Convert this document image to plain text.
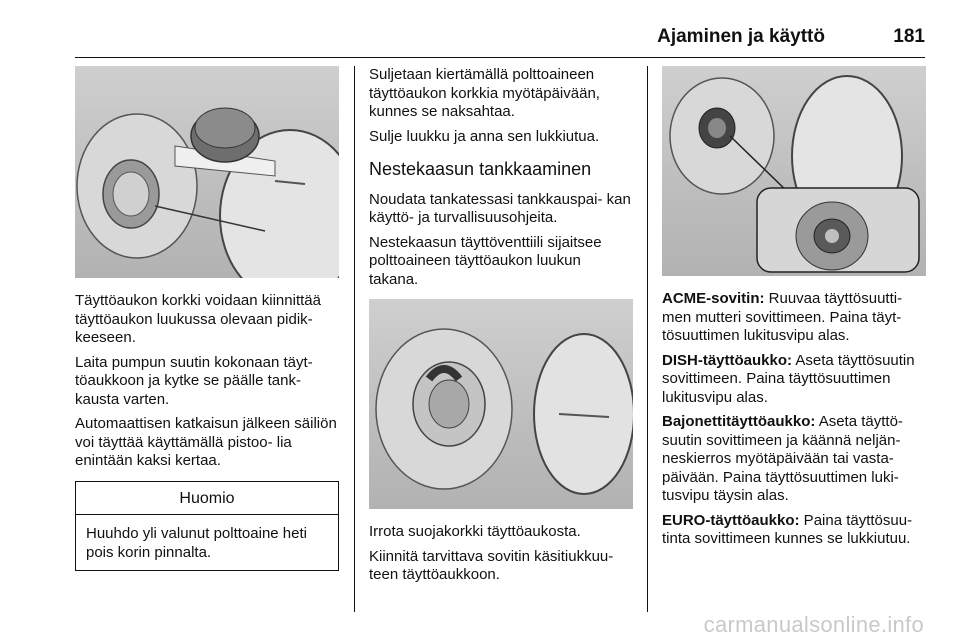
Ajaminen ja käyttö	181

Täyttöaukon korkki voidaan kiinnittää täyttöaukon luukussa olevaan pidik- keeseen.

Laita pumpun suutin kokonaan täyt- töaukkoon ja kytke se päälle tank- kausta varten.

Automaattisen katkaisun jälkeen säiliön voi täyttää käyttämällä pistoo- lia enintään kaksi kertaa.

Huomio
Huuhdo yli valunut polttoaine heti pois korin pinnalta.

Suljetaan kiertämällä polttoaineen täyttöaukon korkkia myötäpäivään, kunnes se naksahtaa.

Sulje luukku ja anna sen lukkiutua.

Nestekaasun tankkaaminen

Noudata tankatessasi tankkauspai- kan käyttö- ja turvallisuusohjeita.

Nestekaasun täyttöventtiili sijaitsee polttoaineen täyttöaukon luukun takana.

Irrota suojakorkki täyttöaukosta.

Kiinnitä tarvittava sovitin käsitiukkuu- teen täyttöaukkoon.

ACME-sovitin: Ruuvaa täyttösuutti- men mutteri sovittimeen. Paina täyt- tösuuttimen lukitusvipu alas.

DISH-täyttöaukko: Aseta täyttösuutin sovittimeen. Paina täyttösuuttimen lukitusvipu alas.

Bajonettitäyttöaukko: Aseta täyttö- suutin sovittimeen ja käännä neljän- neskierros myötäpäivään tai vasta- päivään. Paina täyttösuuttimen luki- tusvipu täysin alas.

EURO-täyttöaukko: Paina täyttösuu- tinta sovittimeen kunnes se lukkiutuu.

carmanualsonline.info
